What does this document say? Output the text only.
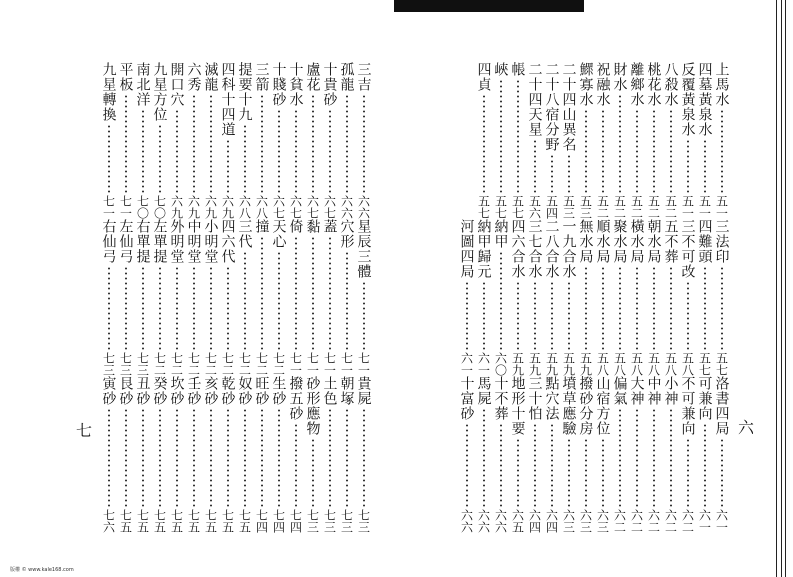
上馬水
五一
三法印
五七
洛書四局
六一
四墓黃泉水
五一
四難頭
五七
可兼向
六一
反覆黃泉水
五一
三不可改
五八
不可兼向
六二
八殺水
五二
五不葬
五八
小神
六二
桃花水
五二
朝水局
五八
中神
六二
離鄉水
五二
橫水局
五八
大神
六二
財水
五二
聚水局
五八
偏氣
六二
祝融水
五二
順水局
五八
山宿方位
六三
鰥寡水
五三
無水局
五九
撥砂分房
六三
二十四山異名
五三
一九合水
五九
墳草應驗
六三
二十八宿分野
五四
二八合水
五九
點穴法
六四
二十四天星
五六
三七合水
五九
三十怕
六四
帳
五七
四六合水
五九
地形十要
六五
峽
五七
納甲
六〇
十不葬
六六
四貞
五七
納甲歸元
六一
馬屍
六六
河圖四局
六一
十富砂
六六
六
三吉
六六
星辰三體
七一
貴屍
七三
孤龍
六六
穴形
七一
朝塚
七三
十貴砂
六七
蓋
七一
土色
七三
盧花
六七
黏
七一
砂形應物
七三
十貧水
六七
倚
七一
撥五砂
七四
十賤砂
六七
天心
七二
生砂
七四
三箭
六八
撞
七二
旺砂
七四
提要十九
六八
三代
七二
奴砂
七五
四科十四道
六九
四六代
七二
乾砂
七五
滅龍
六九
小明堂
七二
亥砂
七五
六秀
六九
中明堂
七二
壬砂
七五
開口穴
六九
外明堂
七二
坎砂
七五
九星方位
七〇
左單提
七二
癸砂
七五
南北洋
七〇
右單提
七三
丑砂
七五
平板
七一
左仙弓
七三
艮砂
七五
九星轉換
七一
右仙弓
七三
寅砂
七六
七
版權 © www.kale168.com
